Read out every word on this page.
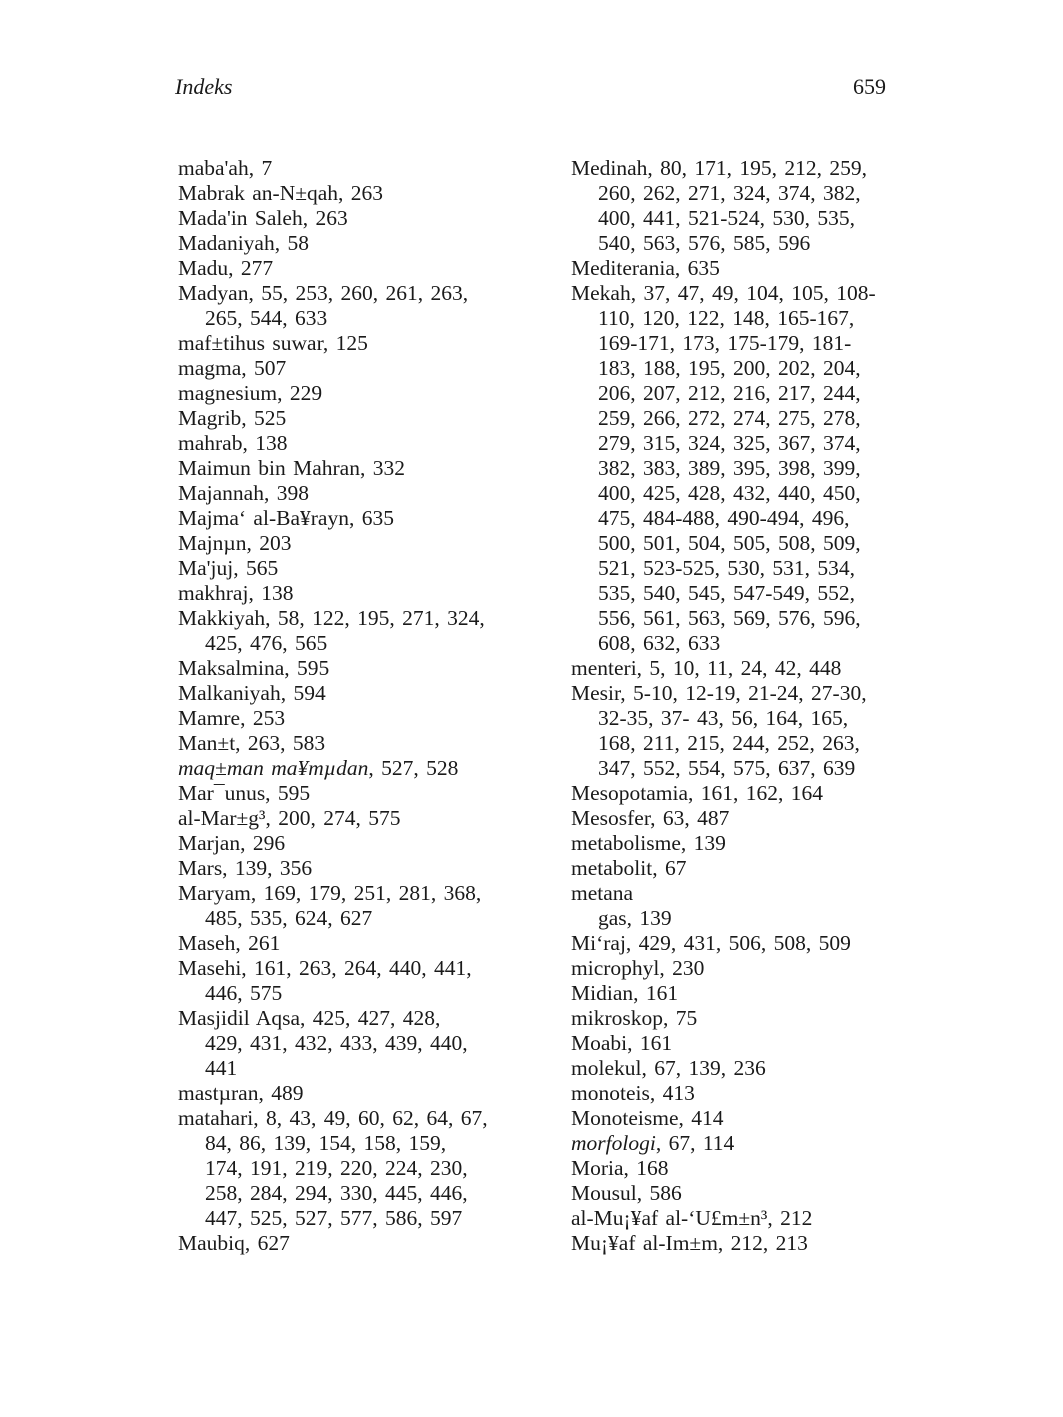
Indeks	659
maba'ah, 7
Mabrak an-N±qah, 263
Mada'in Saleh, 263
Madaniyah, 58
Madu, 277
Madyan, 55, 253, 260, 261, 263,
265, 544, 633
maf±tihus suwar, 125
magma, 507
magnesium, 229
Magrib, 525
mahrab, 138
Maimun bin Mahran, 332
Majannah, 398
Majma‘ al-Ba¥rayn, 635
Majnµn, 203
Ma'juj, 565
makhraj, 138
Makkiyah, 58, 122, 195, 271, 324,
425, 476, 565
Maksalmina, 595
Malkaniyah, 594
Mamre, 253
Man±t, 263, 583
maq±man ma¥mµdan, 527, 528
Mar¯unus, 595
al-Mar±g³, 200, 274, 575
Marjan, 296
Mars, 139, 356
Maryam, 169, 179, 251, 281, 368,
485, 535, 624, 627
Maseh, 261
Masehi, 161, 263, 264, 440, 441,
446, 575
Masjidil Aqsa, 425, 427, 428,
429, 431, 432, 433, 439, 440,
441
mastµran, 489
matahari, 8, 43, 49, 60, 62, 64, 67,
84, 86, 139, 154, 158, 159,
174, 191, 219, 220, 224, 230,
258, 284, 294, 330, 445, 446,
447, 525, 527, 577, 586, 597
Maubiq, 627
Medinah, 80, 171, 195, 212, 259,
260, 262, 271, 324, 374, 382,
400, 441, 521-524, 530, 535,
540, 563, 576, 585, 596
Mediterania, 635
Mekah, 37, 47, 49, 104, 105, 108-
110, 120, 122, 148, 165-167,
169-171, 173, 175-179, 181-
183, 188, 195, 200, 202, 204,
206, 207, 212, 216, 217, 244,
259, 266, 272, 274, 275, 278,
279, 315, 324, 325, 367, 374,
382, 383, 389, 395, 398, 399,
400, 425, 428, 432, 440, 450,
475, 484-488, 490-494, 496,
500, 501, 504, 505, 508, 509,
521, 523-525, 530, 531, 534,
535, 540, 545, 547-549, 552,
556, 561, 563, 569, 576, 596,
608, 632, 633
menteri, 5, 10, 11, 24, 42, 448
Mesir, 5-10, 12-19, 21-24, 27-30,
32-35, 37- 43, 56, 164, 165,
168, 211, 215, 244, 252, 263,
347, 552, 554, 575, 637, 639
Mesopotamia, 161, 162, 164
Mesosfer, 63, 487
metabolisme, 139
metabolit, 67
metana
gas, 139
Mi‘raj, 429, 431, 506, 508, 509
microphyl, 230
Midian, 161
mikroskop, 75
Moabi, 161
molekul, 67, 139, 236
monoteis, 413
Monoteisme, 414
morfologi, 67, 114
Moria, 168
Mousul, 586
al-Mu¡¥af al-‘U£m±n³, 212
Mu¡¥af al-Im±m, 212, 213
